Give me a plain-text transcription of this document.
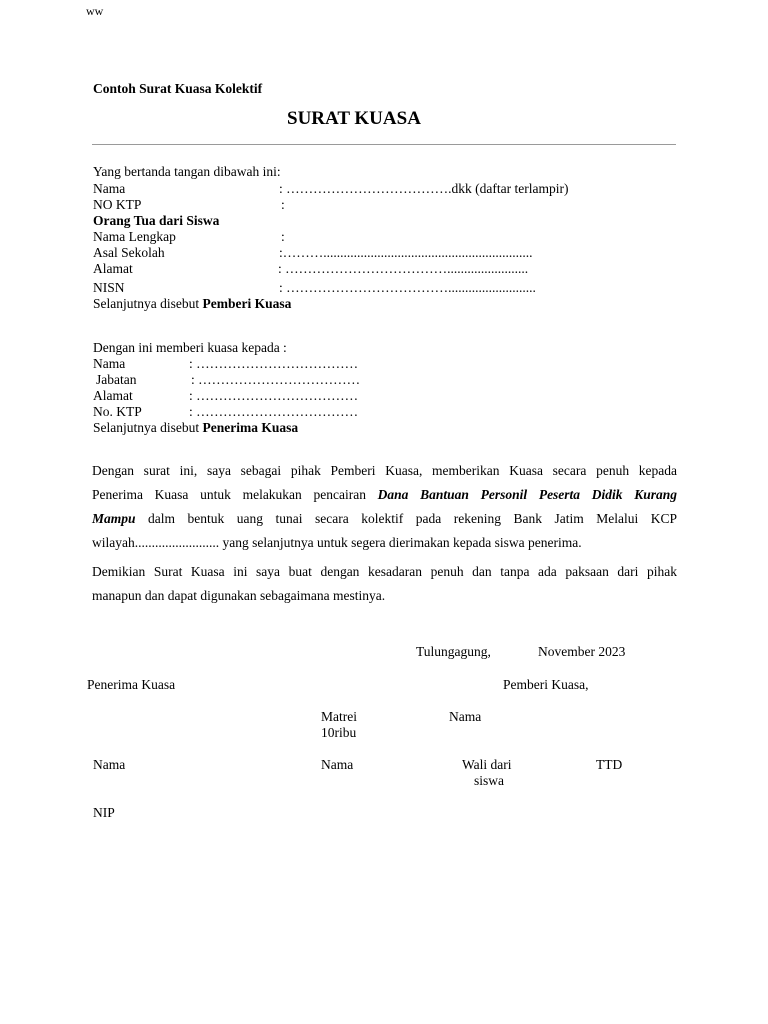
ww
Contoh Surat Kuasa Kolektif
SURAT KUASA
Yang bertanda tangan dibawah ini:
Nama	: ……………………………….dkk (daftar terlampir)
NO KTP	:
Orang Tua dari Siswa
Nama Lengkap	:
Asal Sekolah	:………..............................................................
Alamat	: ………………………………........................
NISN	: ………………………………..........................
Selanjutnya disebut Pemberi Kuasa
Dengan ini memberi kuasa kepada :
Nama	: ………………………………
Jabatan	: ………………………………
Alamat	: ………………………………
No. KTP	: ………………………………
Selanjutnya disebut Penerima Kuasa
Dengan surat ini, saya sebagai pihak Pemberi Kuasa, memberikan Kuasa secara penuh kepada
Penerima Kuasa untuk melakukan pencairan Dana Bantuan Personil Peserta Didik Kurang
Mampu dalm bentuk uang tunai secara kolektif pada rekening Bank Jatim Melalui KCP
wilayah......................... yang selanjutnya untuk segera dierimakan kepada siswa penerima.
Demikian Surat Kuasa ini saya buat dengan kesadaran penuh dan tanpa ada paksaan dari pihak
manapun dan dapat digunakan sebagaimana mestinya.
Tulungagung,	November 2023
Penerima Kuasa	Pemberi Kuasa,
Matrei
10ribu
Nama
Nama	Nama	Wali dari
siswa
TTD
NIP
